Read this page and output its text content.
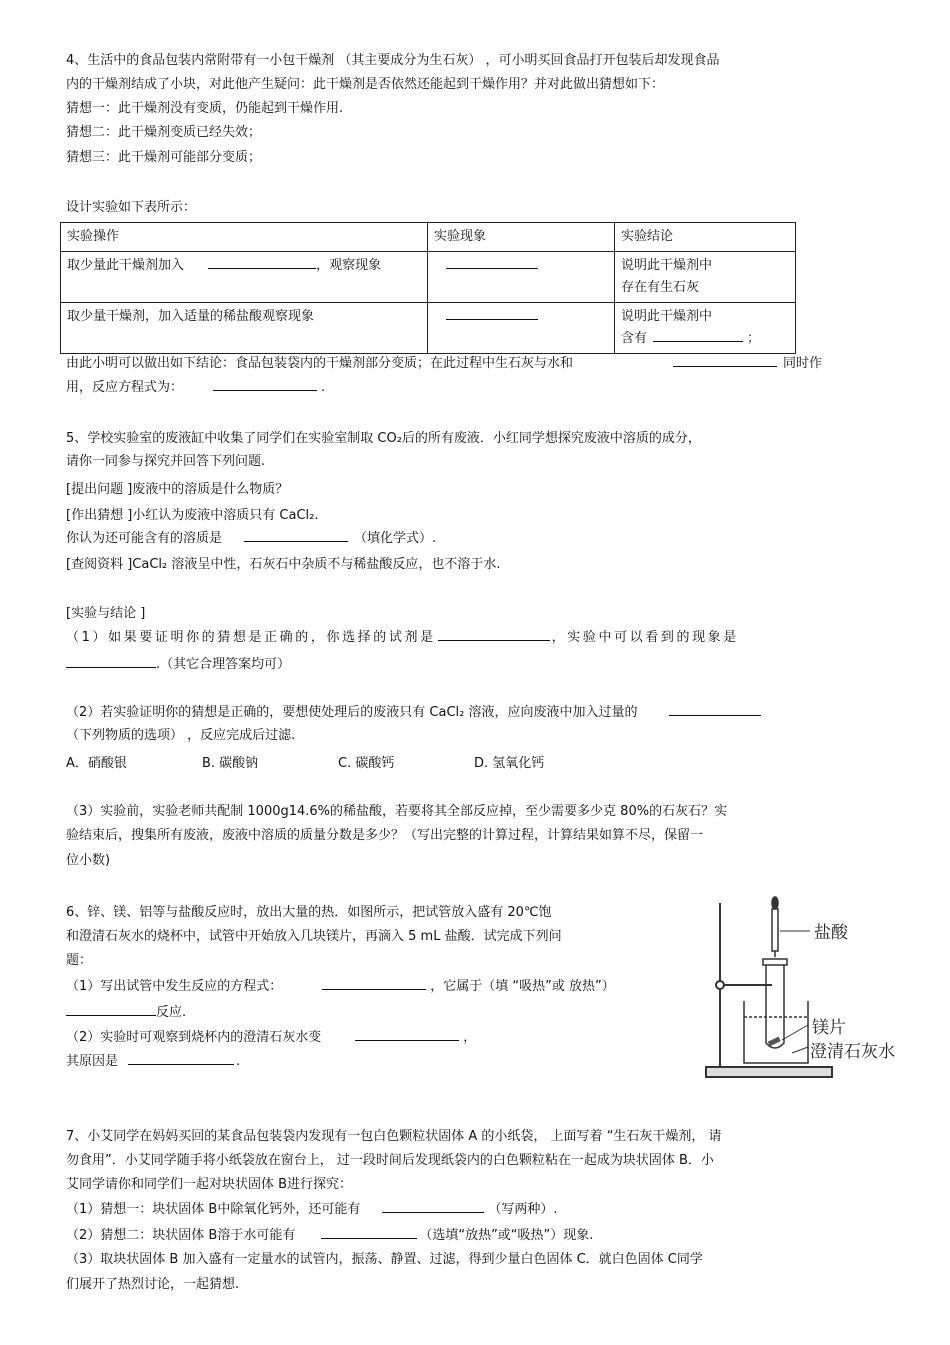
4、生活中的食品包装内常附带有一小包干燥剂 （其主要成分为生石灰） ，可小明买回食品打开包装后却发现食品
内的干燥剂结成了小块，对此他产生疑问：此干燥剂是否依然还能起到干燥作用？并对此做出猜想如下：
猜想一：此干燥剂没有变质，仍能起到干燥作用.
猜想二：此干燥剂变质已经失效；
猜想三：此干燥剂可能部分变质；
设计实验如下表所示：
实验操作	实验现象	实验结论
取少量此干燥剂加入 ，观察现象		说明此干燥剂中
存在有生石灰

取少量干燥剂，加入适量的稀盐酸观察现象		说明此干燥剂中
含有 ；
由此小明可以做出如下结论：食品包装袋内的干燥剂部分变质；在此过程中生石灰与水和	同时作
用，反应方程式为：	.
5、学校实验室的废液缸中收集了同学们在实验室制取 CO₂后的所有废液．小红同学想探究废液中溶质的成分，
请你一同参与探究并回答下列问题.
[提出问题 ]废液中的溶质是什么物质？
[作出猜想 ]小红认为废液中溶质只有 CaCl₂.
你认为还可能含有的溶质是	（填化学式）.
[查阅资料 ]CaCl₂ 溶液呈中性，石灰石中杂质不与稀盐酸反应，也不溶于水.
[实验与结论 ]
（1）如果要证明你的猜想是正确的，你选择的试剂是	，实验中可以看到的现象是
.（其它合理答案均可）
（2）若实验证明你的猜想是正确的，要想使处理后的废液只有 CaCl₂ 溶液，应向废液中加入过量的
（下列物质的选项） ，反应完成后过滤.
A．硝酸银	B. 碳酸钠	C. 碳酸钙	D. 氢氧化钙
（3）实验前，实验老师共配制 1000g14.6%的稀盐酸，若要将其全部反应掉，至少需要多少克 80%的石灰石？实
验结束后，搜集所有废液，废液中溶质的质量分数是多少？（写出完整的计算过程，计算结果如算不尽，保留一
位小数)
6、锌、镁、铝等与盐酸反应时，放出大量的热．如图所示，把试管放入盛有 20℃饱
和澄清石灰水的烧杯中，试管中开始放入几块镁片，再滴入 5 mL 盐酸．试完成下列问
题：
（1）写出试管中发生反应的方程式：	，它属于（填 “吸热”或 放热”）
反应.
（2）实验时可观察到烧杯内的澄清石灰水变	，
其原因是	.
盐酸
镁片
澄清石灰水
7、小艾同学在妈妈买回的某食品包装袋内发现有一包白色颗粒状固体 A 的小纸袋， 上面写着 “生石灰干燥剂， 请
勿食用”．小艾同学随手将小纸袋放在窗台上， 过一段时间后发现纸袋内的白色颗粒粘在一起成为块状固体 B．小
艾同学请你和同学们一起对块状固体 B进行探究：
（1）猜想一：块状固体 B中除氧化钙外，还可能有	（写两种）.
（2）猜想二：块状固体 B溶于水可能有	（选填“放热”或“吸热”）现象.
（3）取块状固体 B 加入盛有一定量水的试管内，振荡、静置、过滤，得到少量白色固体 C．就白色固体 C同学
们展开了热烈讨论，一起猜想.
